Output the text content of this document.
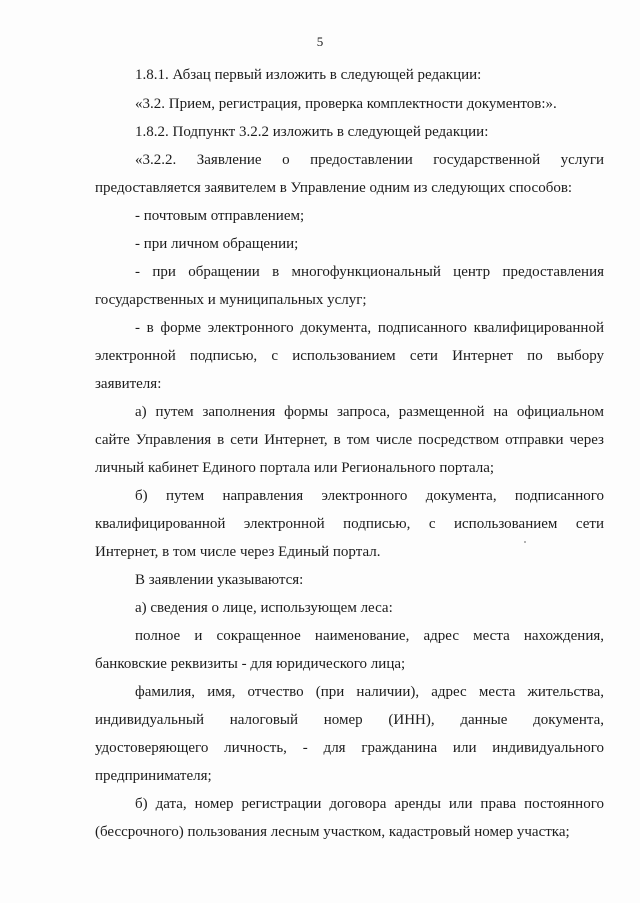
5
1.8.1. Абзац первый изложить в следующей редакции:
«3.2. Прием, регистрация, проверка комплектности документов:».
1.8.2. Подпункт 3.2.2 изложить в следующей редакции:
«3.2.2. Заявление о предоставлении государственной услуги
предоставляется заявителем в Управление одним из следующих способов:
- почтовым отправлением;
- при личном обращении;
- при обращении в многофункциональный центр предоставления
государственных и муниципальных услуг;
- в форме электронного документа, подписанного квалифицированной
электронной подписью, с использованием сети Интернет по выбору
заявителя:
а) путем заполнения формы запроса, размещенной на официальном
сайте Управления в сети Интернет, в том числе посредством отправки через
личный кабинет Единого портала или Регионального портала;
б) путем направления электронного документа, подписанного
квалифицированной электронной подписью, с использованием сети
Интернет, в том числе через Единый портал.
В заявлении указываются:
а) сведения о лице, использующем леса:
полное и сокращенное наименование, адрес места нахождения,
банковские реквизиты - для юридического лица;
фамилия, имя, отчество (при наличии), адрес места жительства,
индивидуальный налоговый номер (ИНН), данные документа,
удостоверяющего личность, - для гражданина или индивидуального
предпринимателя;
б) дата, номер регистрации договора аренды или права постоянного
(бессрочного) пользования лесным участком, кадастровый номер участка;
